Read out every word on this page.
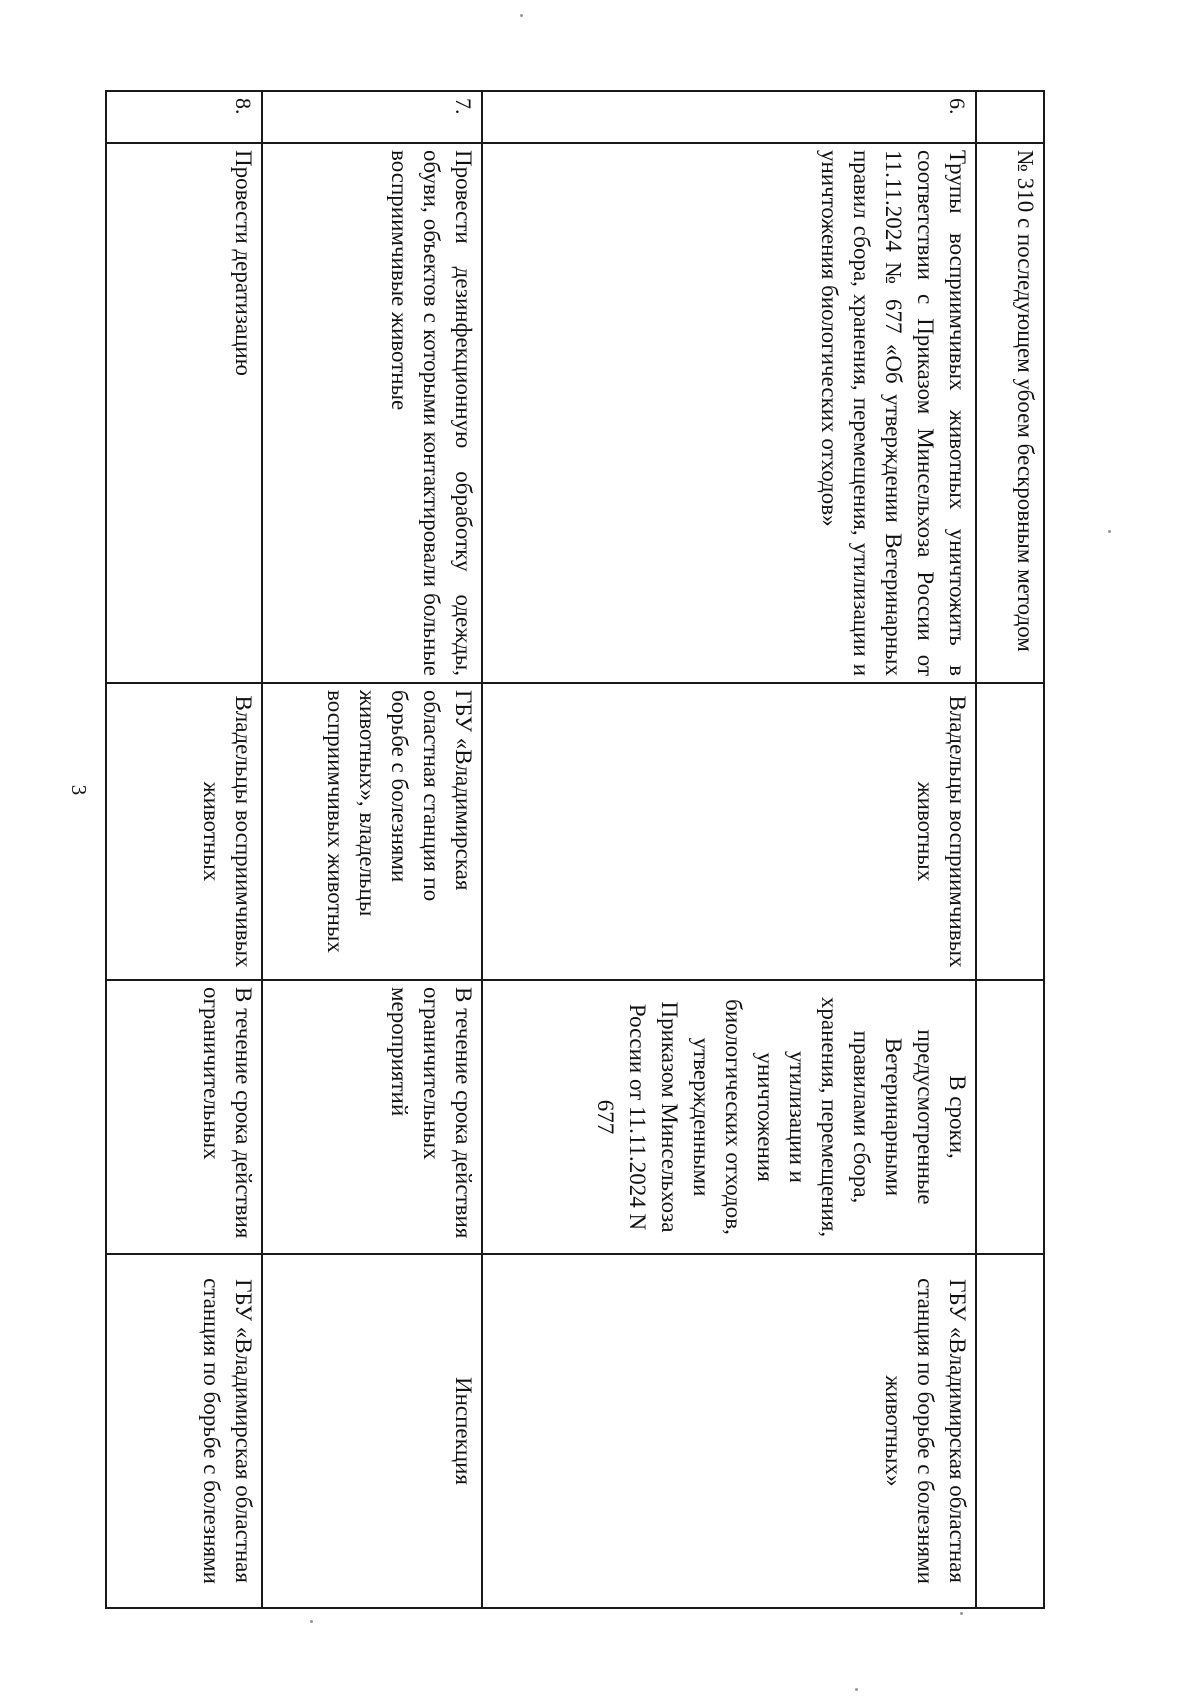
3
	№ 310 с последующем убоем бескровным методом			
6.	Трупы восприимчивых животных уничтожить в соответствии с Приказом Минсельхоза России от 11.11.2024 № 677 «Об утверждении Ветеринарных правил сбора, хранения, перемещения, утилизации и уничтожения биологических отходов»	Владельцы восприимчивых животных	В сроки, предусмотренные Ветеринарными правилами сбора, хранения, перемещения, утилизации и уничтожения биологических отходов, утвержденными Приказом Минсельхоза России от 11.11.2024 N 677	ГБУ «Владимирская областная станция по борьбе с болезнями животных»
7.	Провести дезинфекционную обработку одежды, обуви, объектов с которыми контактировали больные восприимчивые животные	ГБУ «Владимирская областная станция по борьбе с болезнями животных», владельцы восприимчивых животных	В течение срока действия ограничительных мероприятий	Инспекция
8.	Провести дератизацию	Владельцы восприимчивых животных	В течение срока действия ограничительных	ГБУ «Владимирская областная станция по борьбе с болезнями
